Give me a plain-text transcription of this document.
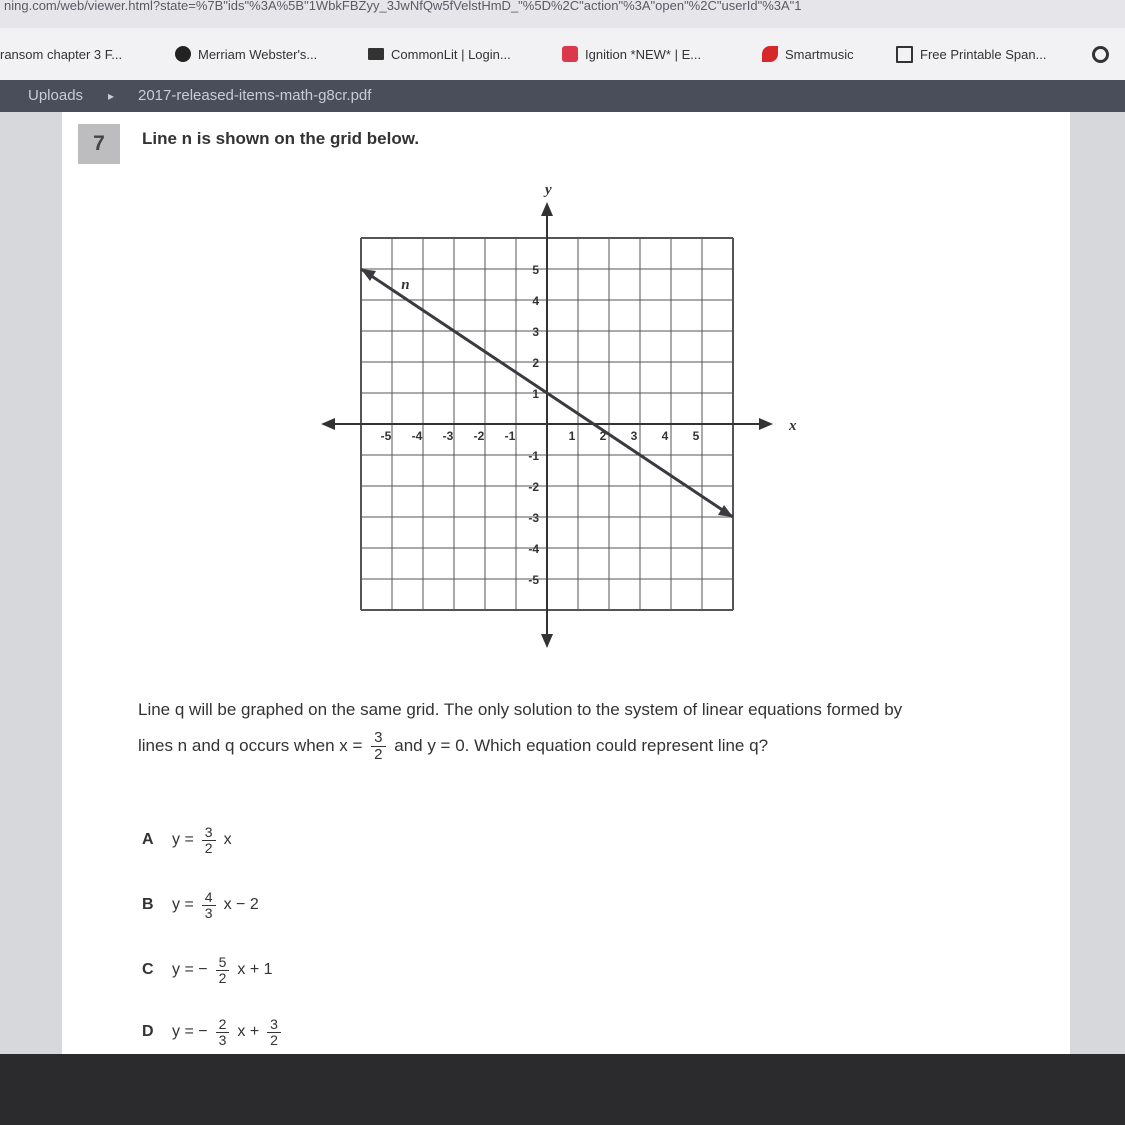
ning.com/web/viewer.html?state=%7B"ids"%3A%5B"1WbkFBZyy_3JwNfQw5fVelstHmD_"%5D%2C"action"%3A"open"%2C"userId"%3A"1
ransom chapter 3 F...	Merriam Webster's...	CommonLit | Login...	Ignition *NEW* | E...	Smartmusic	Free Printable Span...
Uploads ▸ 2017-released-items-math-g8cr.pdf
7	Line n is shown on the grid below.
x
y
-5
-5
-4
-4
-3
-3
-2
-2
-1
-1
1
1
2
2
3
3
4
4
5
5
n
Line q will be graphed on the same grid. The only solution to the system of linear equations formed by lines n and q occurs when $x = \frac{3}{2}$ and y = 0. Which equation could represent line q?
A	$y = \frac{3}{2}$ x
B	$y = \frac{4}{3}$ x − 2
C	y = − $\frac{5}{2}$ x + 1
D	y = − $\frac{2}{3}$ $x + \frac{3}{2}$
